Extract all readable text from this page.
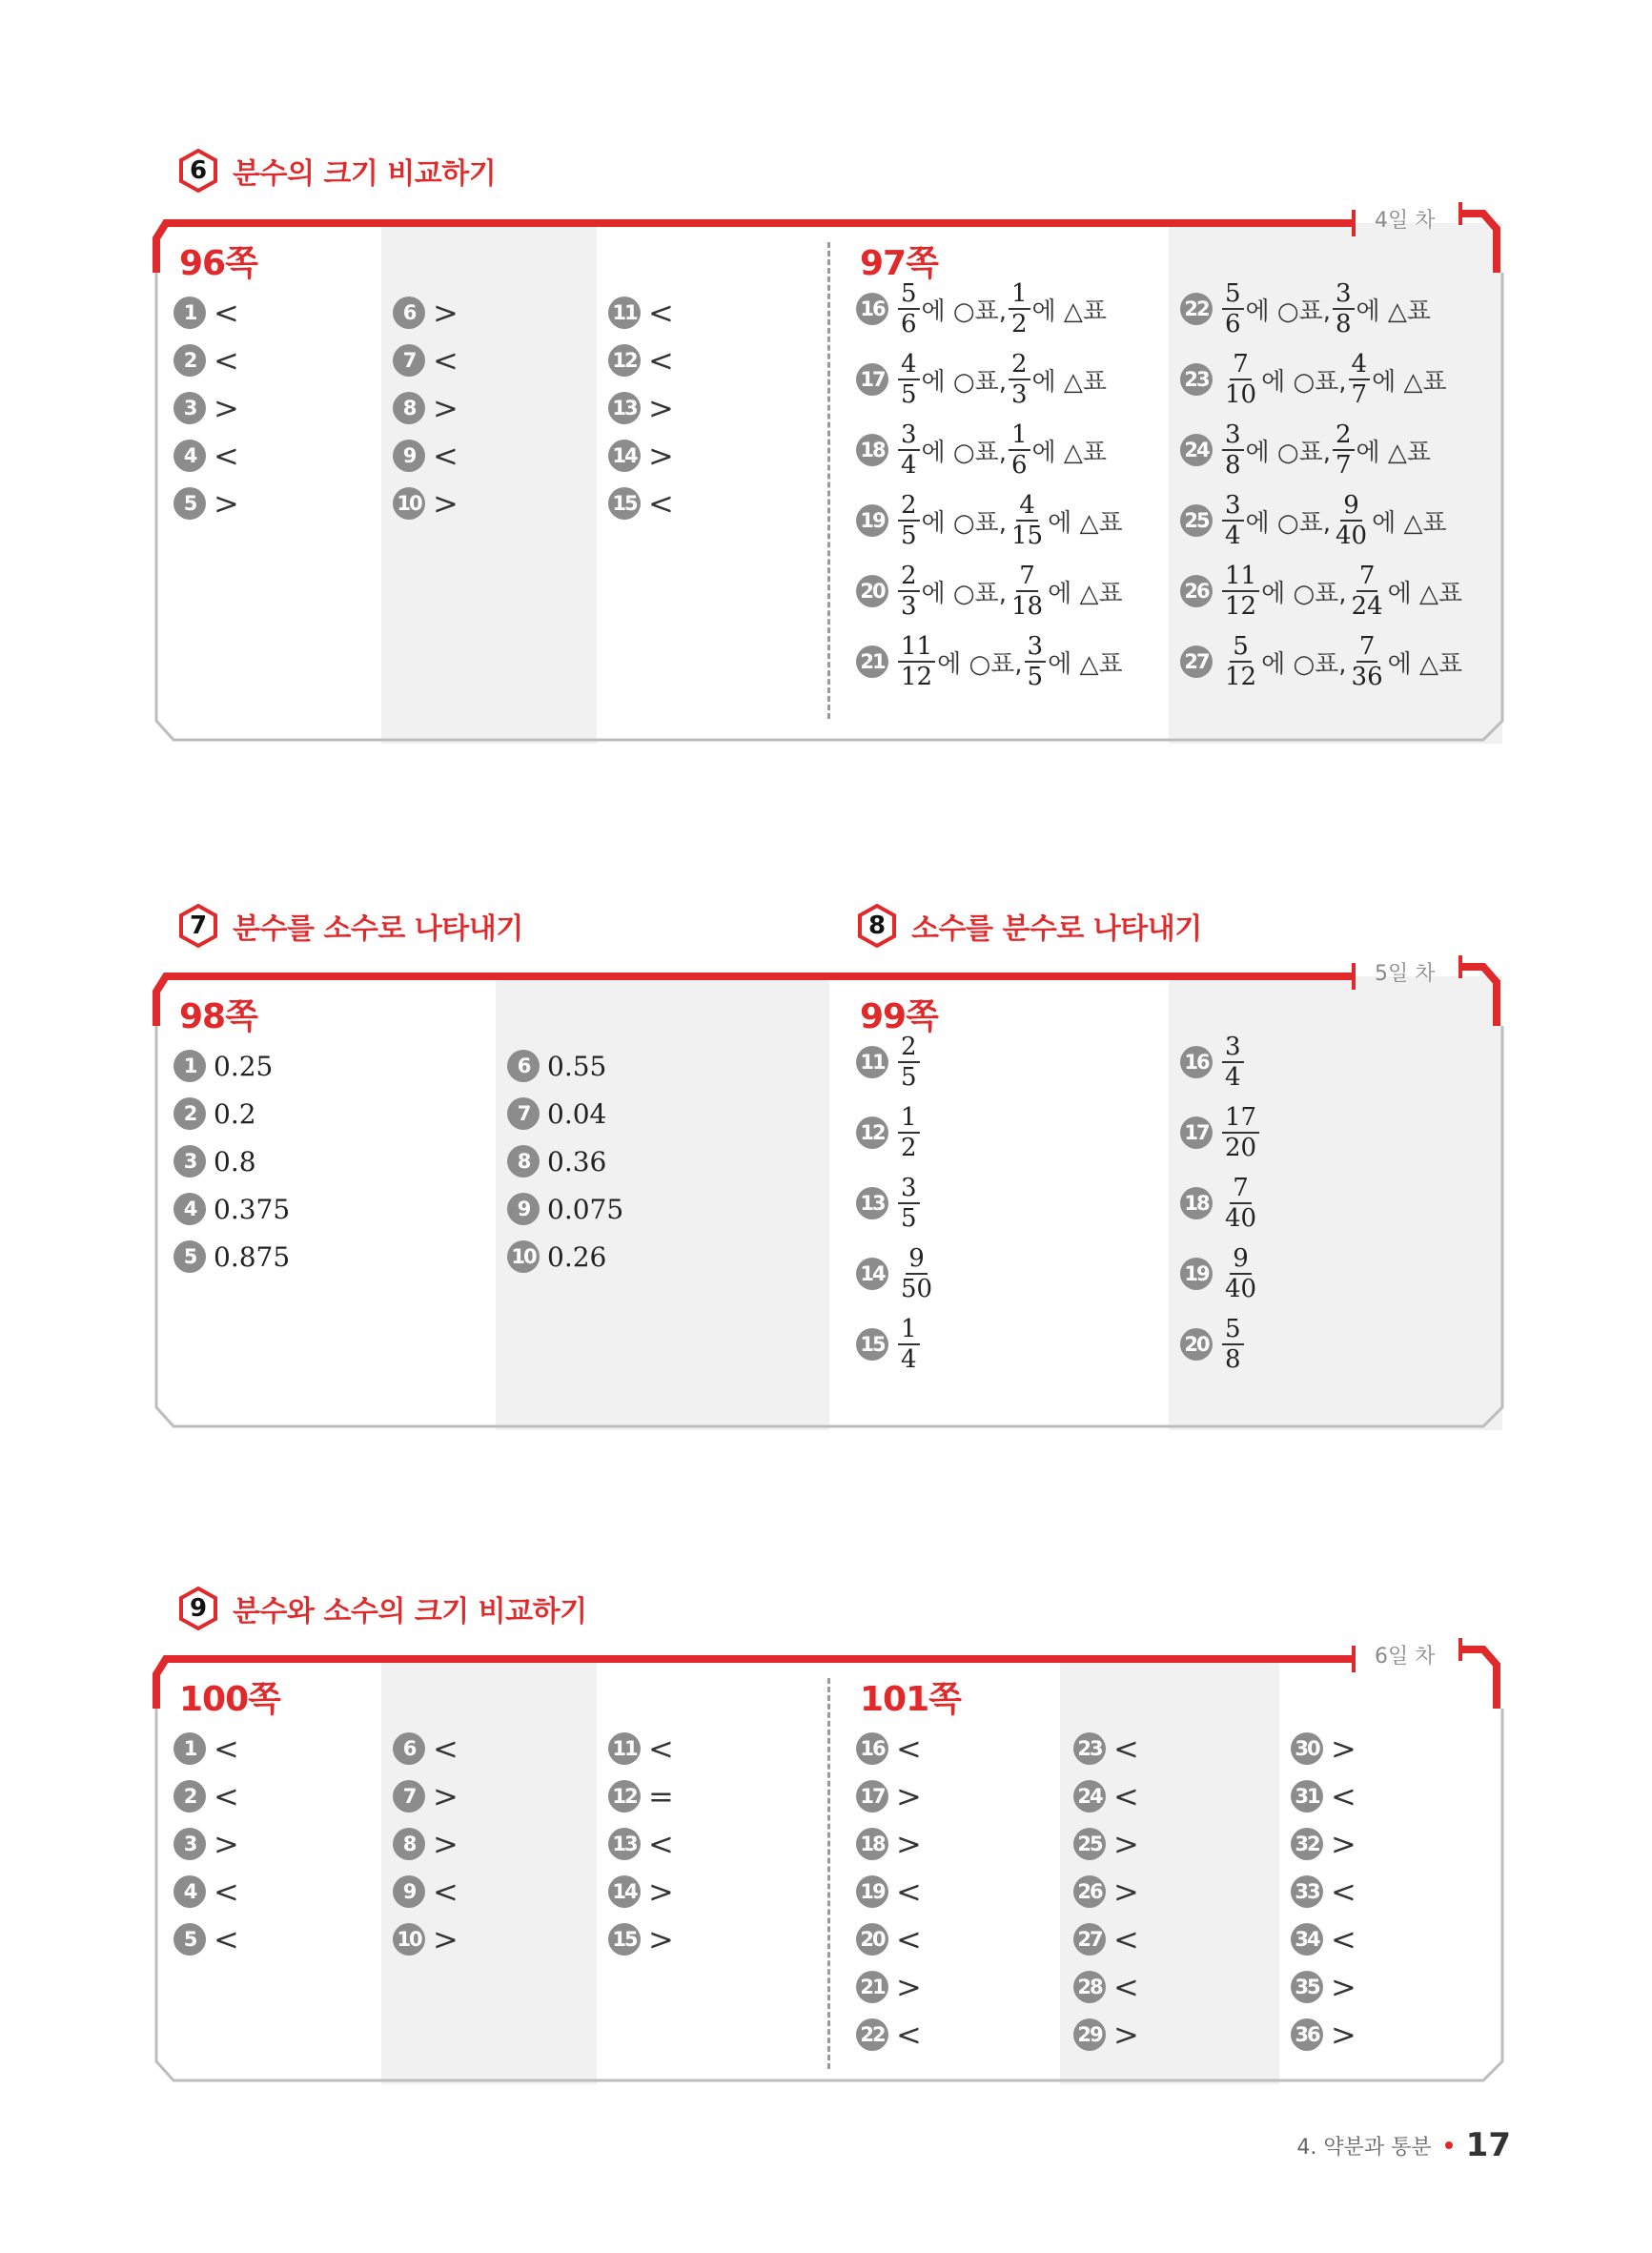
6 분수의 크기 비교하기
4일 차
96쪽	97쪽
1 <
2 <
3 >
4 <
5 >
6 >
7 <
8 >
9 <
10 >
11 <
12 <
13 >
14 >
15 <
$16 \frac{5}{6}$ 에 ○표, $\frac{1}{2}$ 에 △표
$17 \frac{4}{5}$ 에 ○표, $\frac{2}{3}$ 에 △표
$18 \frac{3}{4}$ 에 ○표, $\frac{1}{6}$ 에 △표
$19 \frac{2}{5}$ 에 ○표, $\frac{4}{15}$ 에 △표
$20 \frac{2}{3}$ 에 ○표, $\frac{7}{18}$ 에 △표
$21 \frac{11}{12}$ 에 ○표, $\frac{3}{5}$ 에 △표
$22 \frac{5}{6}$ 에 ○표, $\frac{3}{8}$ 에 △표
$23 \frac{7}{10}$ 에 ○표, $\frac{4}{7}$ 에 △표
$24 \frac{3}{8}$ 에 ○표, $\frac{2}{7}$ 에 △표
$25 \frac{3}{4}$ 에 ○표, $\frac{9}{40}$ 에 △표
$26 \frac{11}{12}$ 에 ○표, $\frac{7}{24}$ 에 △표
$27 \frac{5}{12}$ 에 ○표, $\frac{7}{36}$ 에 △표
7 분수를 소수로 나타내기	8 소수를 분수로 나타내기
5일 차
98쪽	99쪽
1 0.25
2 0.2
3 0.8
4 0.375
5 0.875
6 0.55
7 0.04
8 0.36
9 0.075
10 0.26
$11 \frac{2}{5}$
$12 \frac{1}{2}$
$13 \frac{3}{5}$
$14 \frac{9}{50}$
$15 \frac{1}{4}$
$16 \frac{3}{4}$
$17 \frac{17}{20}$
$18 \frac{7}{40}$
$19 \frac{9}{40}$
$20 \frac{5}{8}$
9 분수와 소수의 크기 비교하기
6일 차
100쪽	101쪽
1 <
2 <
3 >
4 <
5 <
6 <
7 >
8 >
9 <
10 >
11 <
12 =
13 <
14 >
15 >
16 <
17 >
18 >
19 <
20 <
21 >
22 <
23 <
24 <
25 >
26 >
27 <
28 <
29 >
30 >
31 <
32 >
33 <
34 <
35 >
36 >
4. 약분과 통분 17
